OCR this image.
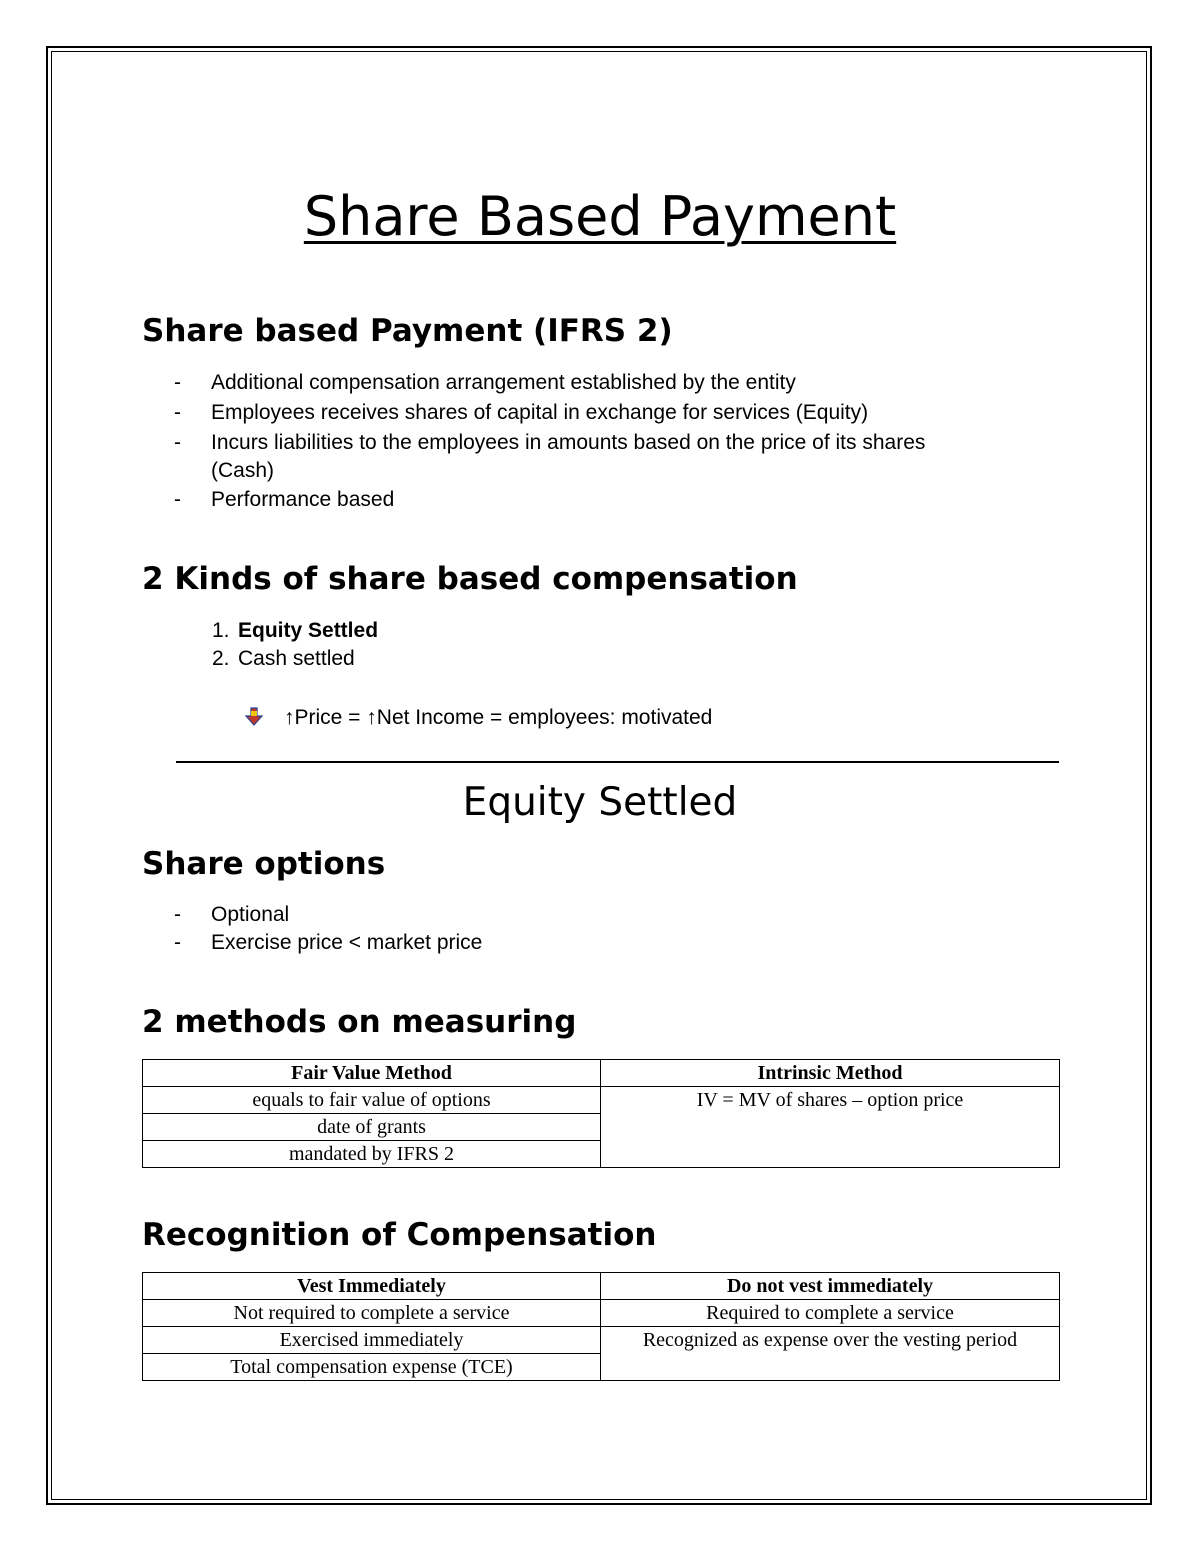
Share Based Payment
Share based Payment (IFRS 2)
- Additional compensation arrangement established by the entity
- Employees receives shares of capital in exchange for services (Equity)
- Incurs liabilities to the employees in amounts based on the price of its shares
(Cash)
- Performance based
2 Kinds of share based compensation
1. Equity Settled
2. Cash settled
↑Price = ↑Net Income = employees: motivated
Equity Settled
Share options
- Optional
- Exercise price < market price
2 methods on measuring
Fair Value Method	Intrinsic Method
equals to fair value of options	IV = MV of shares – option price
date of grants	
mandated by IFRS 2	
Recognition of Compensation
Vest Immediately	Do not vest immediately
Not required to complete a service	Required to complete a service
Exercised immediately	Recognized as expense over the vesting period
Total compensation expense (TCE)	
